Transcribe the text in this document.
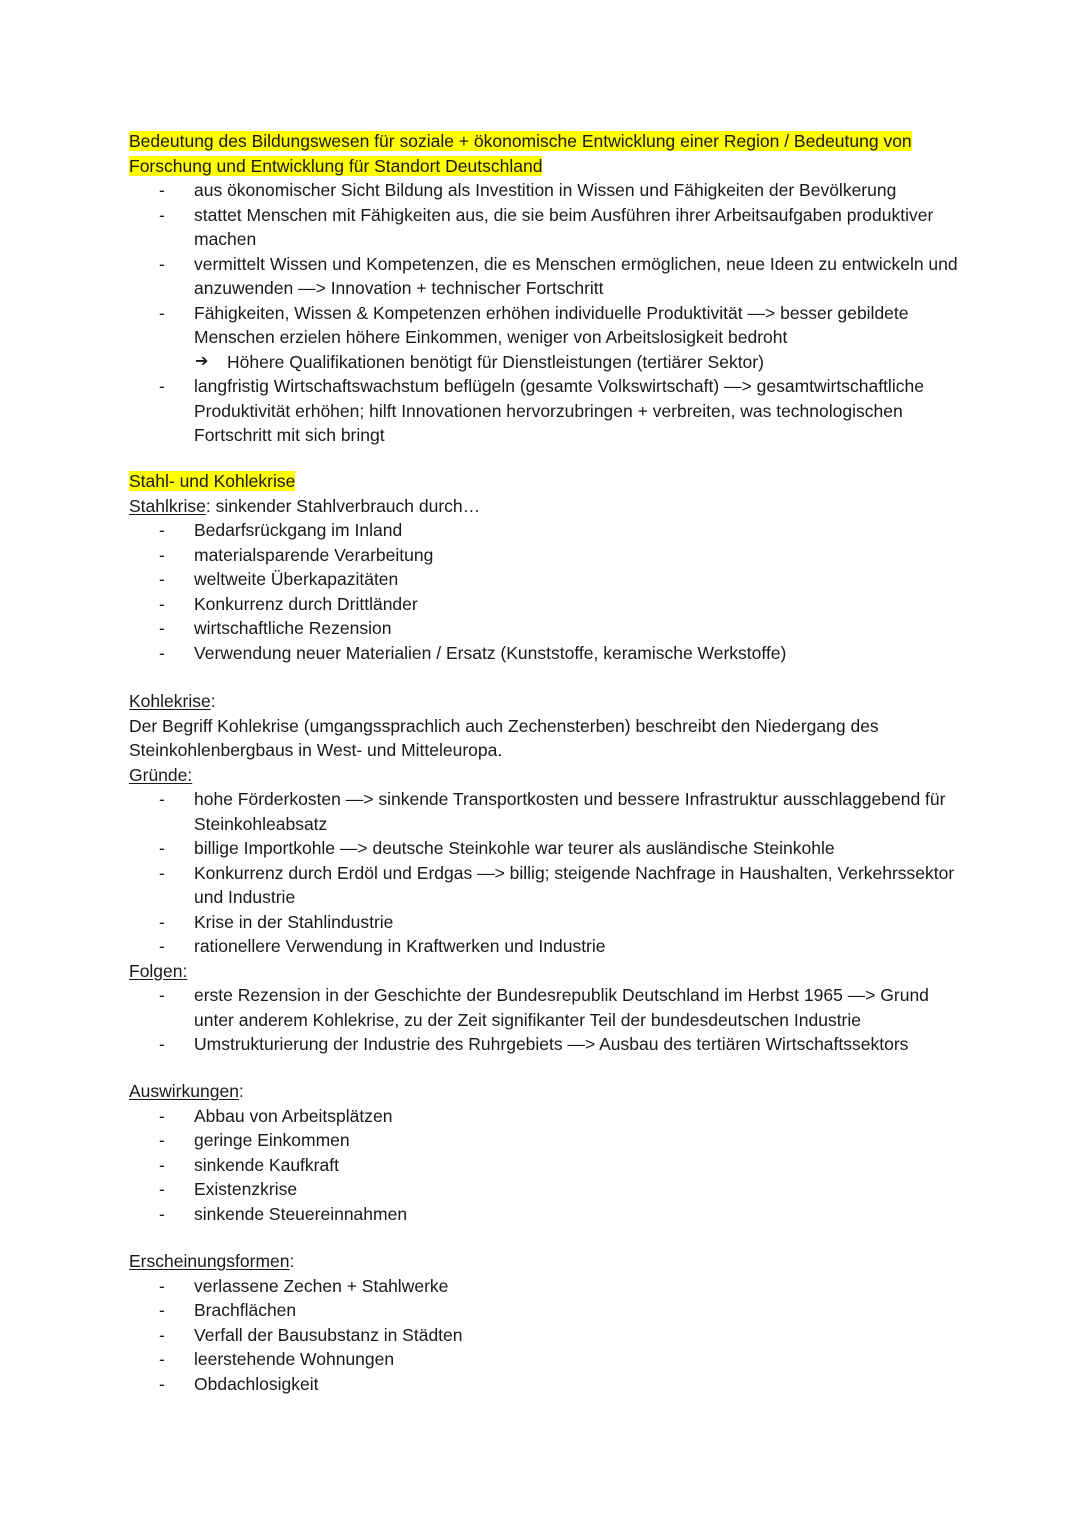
Bedeutung des Bildungswesen für soziale + ökonomische Entwicklung einer Region / Bedeutung von Forschung und Entwicklung für Standort Deutschland

- aus ökonomischer Sicht Bildung als Investition in Wissen und Fähigkeiten der Bevölkerung
- stattet Menschen mit Fähigkeiten aus, die sie beim Ausführen ihrer Arbeitsaufgaben produktiver machen
- vermittelt Wissen und Kompetenzen, die es Menschen ermöglichen, neue Ideen zu entwickeln und anzuwenden —> Innovation + technischer Fortschritt
- Fähigkeiten, Wissen & Kompetenzen erhöhen individuelle Produktivität —> besser gebildete Menschen erzielen höhere Einkommen, weniger von Arbeitslosigkeit bedroht
➔ Höhere Qualifikationen benötigt für Dienstleistungen (tertiärer Sektor)
- langfristig Wirtschaftswachstum beflügeln (gesamte Volkswirtschaft) —> gesamtwirtschaftliche Produktivität erhöhen; hilft Innovationen hervorzubringen + verbreiten, was technologischen Fortschritt mit sich bringt

Stahl- und Kohlekrise

Stahlkrise: sinkender Stahlverbrauch durch…

- Bedarfsrückgang im Inland
- materialsparende Verarbeitung
- weltweite Überkapazitäten
- Konkurrenz durch Drittländer
- wirtschaftliche Rezension
- Verwendung neuer Materialien / Ersatz (Kunststoffe, keramische Werkstoffe)

Kohlekrise:

Der Begriff Kohlekrise (umgangssprachlich auch Zechensterben) beschreibt den Niedergang des Steinkohlenbergbaus in West- und Mitteleuropa.

Gründe:

- hohe Förderkosten —> sinkende Transportkosten und bessere Infrastruktur ausschlaggebend für Steinkohleabsatz
- billige Importkohle —> deutsche Steinkohle war teurer als ausländische Steinkohle
- Konkurrenz durch Erdöl und Erdgas —> billig; steigende Nachfrage in Haushalten, Verkehrssektor und Industrie
- Krise in der Stahlindustrie
- rationellere Verwendung in Kraftwerken und Industrie

Folgen:

- erste Rezension in der Geschichte der Bundesrepublik Deutschland im Herbst 1965 —> Grund unter anderem Kohlekrise, zu der Zeit signifikanter Teil der bundesdeutschen Industrie
- Umstrukturierung der Industrie des Ruhrgebiets —> Ausbau des tertiären Wirtschaftssektors

Auswirkungen:

- Abbau von Arbeitsplätzen
- geringe Einkommen
- sinkende Kaufkraft
- Existenzkrise
- sinkende Steuereinnahmen

Erscheinungsformen:

- verlassene Zechen + Stahlwerke
- Brachflächen
- Verfall der Bausubstanz in Städten
- leerstehende Wohnungen
- Obdachlosigkeit
